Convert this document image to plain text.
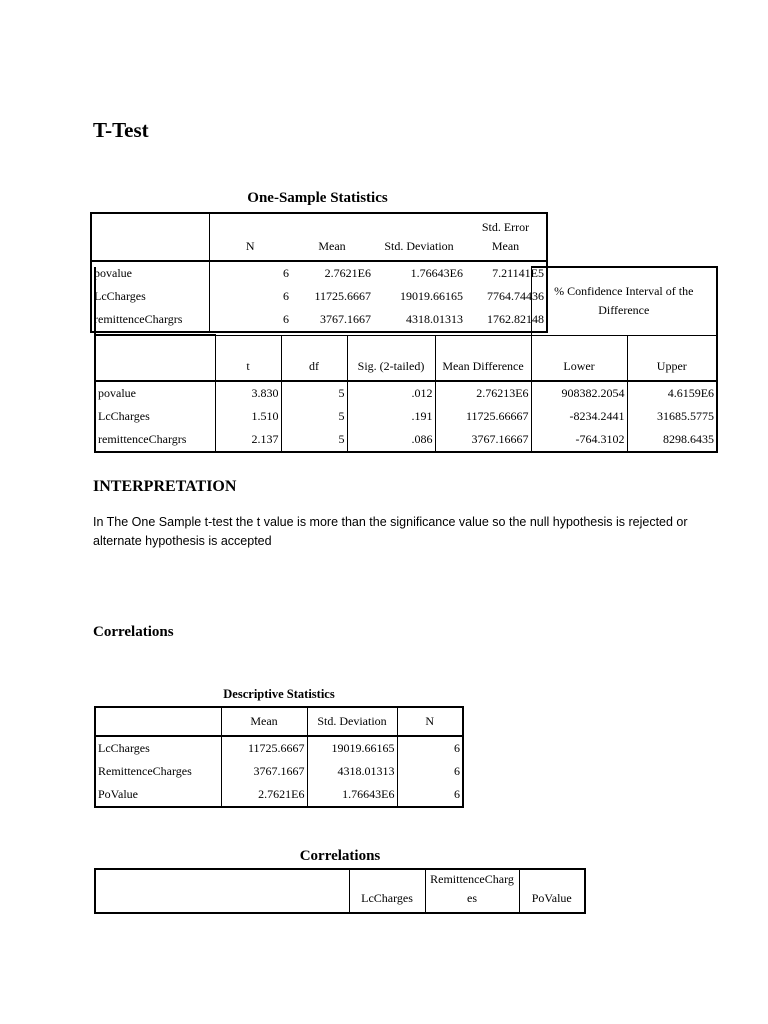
T-Test
One-Sample Statistics
	N	Mean	Std. Deviation	Std. Error Mean
povalue	6	2.7621E6	1.76643E6	7.21141E5
LcCharges	6	11725.6667	19019.66165	7764.74436
remittenceChargrs	6	3767.1667	4318.01313	1762.82148
					% Confidence Interval of the Difference	
	t	df	Sig. (2-tailed)	Mean Difference	Lower	Upper
povalue	3.830	5	.012	2.76213E6	908382.2054	4.6159E6
LcCharges	1.510	5	.191	11725.66667	-8234.2441	31685.5775
remittenceChargrs	2.137	5	.086	3767.16667	-764.3102	8298.6435
INTERPRETATION
In The One Sample t-test the t value is more than the significance value so the null hypothesis is rejected or alternate hypothesis is accepted
Correlations
Descriptive Statistics
	Mean	Std. Deviation	N
LcCharges	11725.6667	19019.66165	6
RemittenceCharges	3767.1667	4318.01313	6
PoValue	2.7621E6	1.76643E6	6
Correlations
	LcCharges	RemittenceCharges	PoValue
